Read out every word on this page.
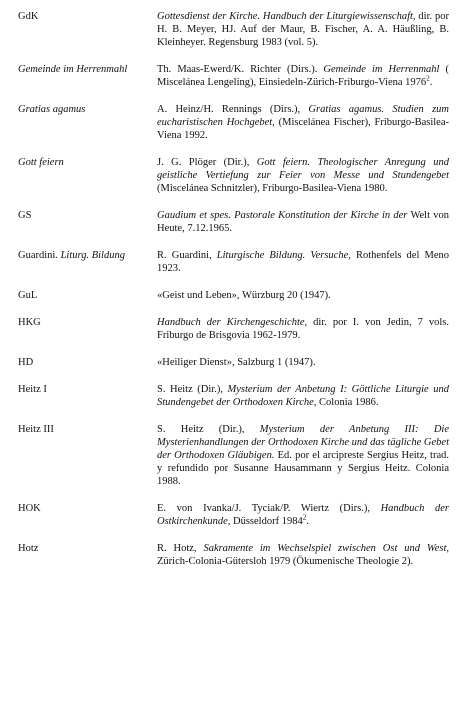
GdK	Gottesdienst der Kirche. Handbuch der Liturgiewissenschaft, dir. por H. B. Meyer, HJ. Auf der Maur, B. Fischer, A. A. Häußling, B. Kleinheyer. Regensburg 1983 (vol. 5).
Gemeinde im Herrenmahl	Th. Maas-Ewerd/K. Richter (Dirs.). Gemeinde im Herrenmahl ( Miscelánea Lengeling), Einsiedeln-Zürich-Friburgo-Viena 1976$^2$.
Gratias agamus	A. Heinz/H. Rennings (Dirs.), Gratias agamus. Studien zum eucharistischen Hochgebet, (Miscelánea Fischer), Friburgo-Basilea-Viena 1992.
Gott feiern	J. G. Plöger (Dir.), Gott feiern. Theologischer Anregung und geistliche Vertiefung zur Feier von Messe und Stundengebet (Miscelánea Schnitzler), Friburgo-Basilea-Viena 1980.
GS	Gaudium et spes. Pastorale Konstitution der Kirche in der Welt von Heute, 7.12.1965.
Guardini. Liturg. Bildung	R. Guardini, Liturgische Bildung. Versuche, Rothenfels del Meno 1923.
GuL	«Geist und Leben», Würzburg 20 (1947).
HKG	Handbuch der Kirchengeschichte, dir. por I. von Jedin, 7 vols. Friburgo de Brisgovia 1962-1979.
HD	«Heiliger Dienst», Salzburg 1 (1947).
Heitz I	S. Heitz (Dir.), Mysterium der Anbetung I: Göttliche Liturgie und Stundengebet der Orthodoxen Kirche, Colonia 1986.
Heitz III	S. Heitz (Dir.), Mysterium der Anbetung III: Die Mysterienhandlungen der Orthodoxen Kirche und das tägliche Gebet der Orthodoxen Gläubigen. Ed. por el arcipreste Sergius Heitz, trad. y refundido por Susanne Hausammann y Sergius Heitz. Colonia 1988.
HOK	E. von Ivanka/J. Tyciak/P. Wiertz (Dirs.), Handbuch der Ostkirchenkunde, Düsseldorf 1984$^2$.
Hotz	R. Hotz, Sakramente im Wechselspiel zwischen Ost und West, Zürich-Colonia-Gütersloh 1979 (Ökumenische Theologie 2).
